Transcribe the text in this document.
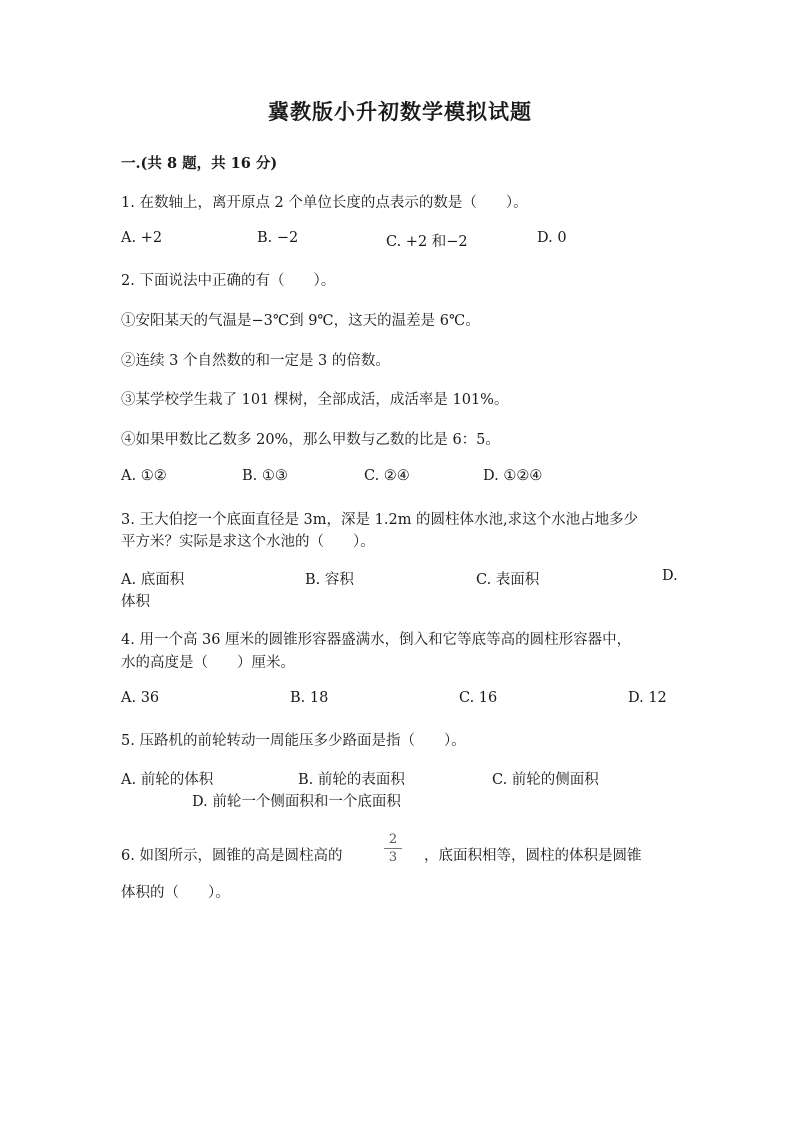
冀教版小升初数学模拟试题
一.(共 8 题，共 16 分)
1. 在数轴上，离开原点 2 个单位长度的点表示的数是（　　）。
A. +2	B. −2	C. +2 和−2	D. 0
2. 下面说法中正确的有（　　）。
①安阳某天的气温是−3℃到 9℃，这天的温差是 6℃。
②连续 3 个自然数的和一定是 3 的倍数。
③某学校学生栽了 101 棵树，全部成活，成活率是 101%。
④如果甲数比乙数多 20%，那么甲数与乙数的比是 6：5。
A. ①②	B. ①③	C. ②④	D. ①②④
3. 王大伯挖一个底面直径是 3m，深是 1.2m 的圆柱体水池,求这个水池占地多少
平方米？实际是求这个水池的（　　）。
A. 底面积	B. 容积	C. 表面积	D.
体积
4. 用一个高 36 厘米的圆锥形容器盛满水，倒入和它等底等高的圆柱形容器中，
水的高度是（　　）厘米。
A. 36	B. 18	C. 16	D. 12
5. 压路机的前轮转动一周能压多少路面是指（　　）。
A. 前轮的体积	B. 前轮的表面积	C. 前轮的侧面积
D. 前轮一个侧面积和一个底面积
6. 如图所示，圆锥的高是圆柱高的
2
3	，底面积相等，圆柱的体积是圆锥
体积的（　　）。
